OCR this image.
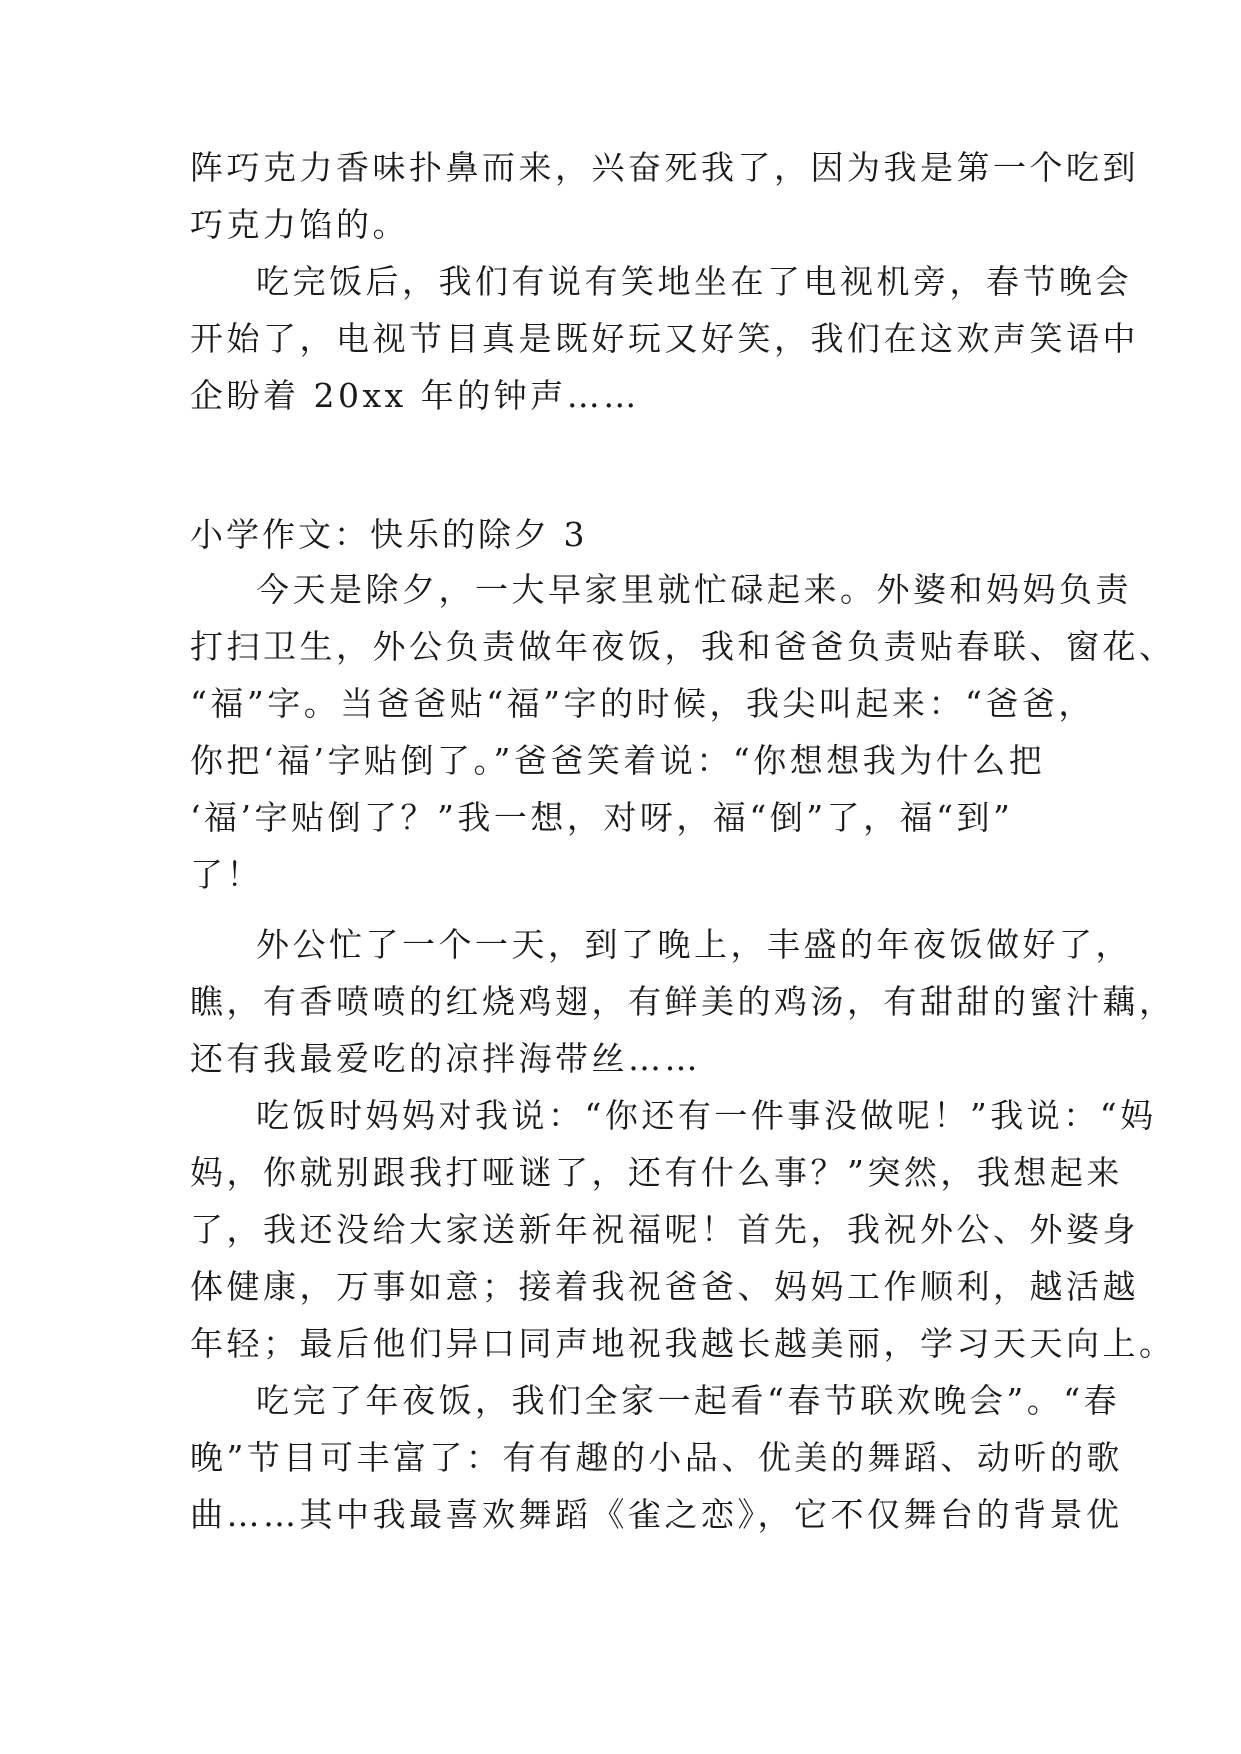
阵巧克力香味扑鼻而来，兴奋死我了，因为我是第一个吃到
巧克力馅的。
吃完饭后，我们有说有笑地坐在了电视机旁，春节晚会
开始了，电视节目真是既好玩又好笑，我们在这欢声笑语中
企盼着 20xx 年的钟声……
小学作文：快乐的除夕 3
今天是除夕，一大早家里就忙碌起来。外婆和妈妈负责
打扫卫生，外公负责做年夜饭，我和爸爸负责贴春联、窗花、
“福”字。当爸爸贴“福”字的时候，我尖叫起来：“爸爸，
你把‘福’字贴倒了。”爸爸笑着说：“你想想我为什么把
‘福’字贴倒了？”我一想，对呀，福“倒”了，福“到”
了！
外公忙了一个一天，到了晚上，丰盛的年夜饭做好了，
瞧，有香喷喷的红烧鸡翅，有鲜美的鸡汤，有甜甜的蜜汁藕，
还有我最爱吃的凉拌海带丝……
吃饭时妈妈对我说：“你还有一件事没做呢！”我说：“妈
妈，你就别跟我打哑谜了，还有什么事？”突然，我想起来
了，我还没给大家送新年祝福呢！首先，我祝外公、外婆身
体健康，万事如意；接着我祝爸爸、妈妈工作顺利，越活越
年轻；最后他们异口同声地祝我越长越美丽，学习天天向上。
吃完了年夜饭，我们全家一起看“春节联欢晚会”。“春
晚”节目可丰富了：有有趣的小品、优美的舞蹈、动听的歌
曲……其中我最喜欢舞蹈《雀之恋》，它不仅舞台的背景优
